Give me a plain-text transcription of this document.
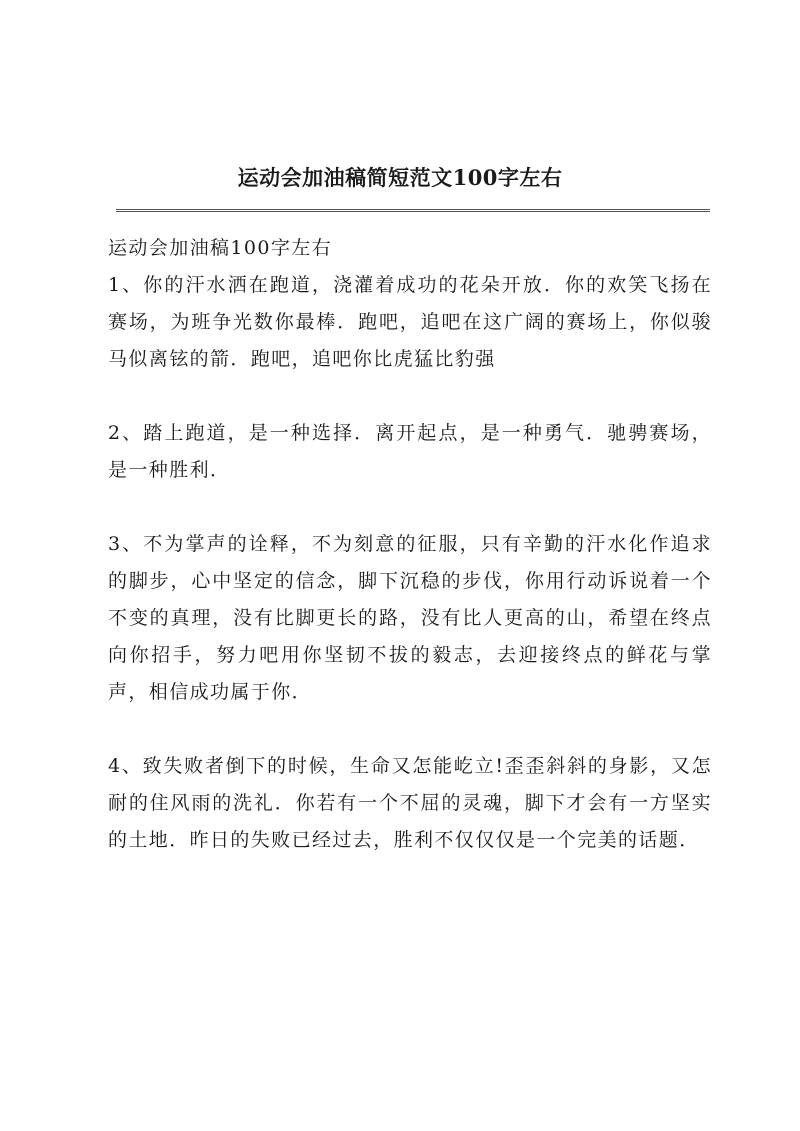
运动会加油稿简短范文100字左右

运动会加油稿100字左右

1、你的汗水洒在跑道，浇灌着成功的花朵开放．你的欢笑飞扬在赛场，为班争光数你最棒．跑吧，追吧在这广阔的赛场上，你似骏马似离铉的箭．跑吧，追吧你比虎猛比豹强

2、踏上跑道，是一种选择．离开起点，是一种勇气．驰骋赛场，是一种胜利．

3、不为掌声的诠释，不为刻意的征服，只有辛勤的汗水化作追求的脚步，心中坚定的信念，脚下沉稳的步伐，你用行动诉说着一个不变的真理，没有比脚更长的路，没有比人更高的山，希望在终点向你招手，努力吧用你坚韧不拔的毅志，去迎接终点的鲜花与掌声，相信成功属于你．

4、致失败者倒下的时候，生命又怎能屹立!歪歪斜斜的身影，又怎耐的住风雨的洗礼．你若有一个不屈的灵魂，脚下才会有一方坚实的土地．昨日的失败已经过去，胜利不仅仅仅是一个完美的话题．
